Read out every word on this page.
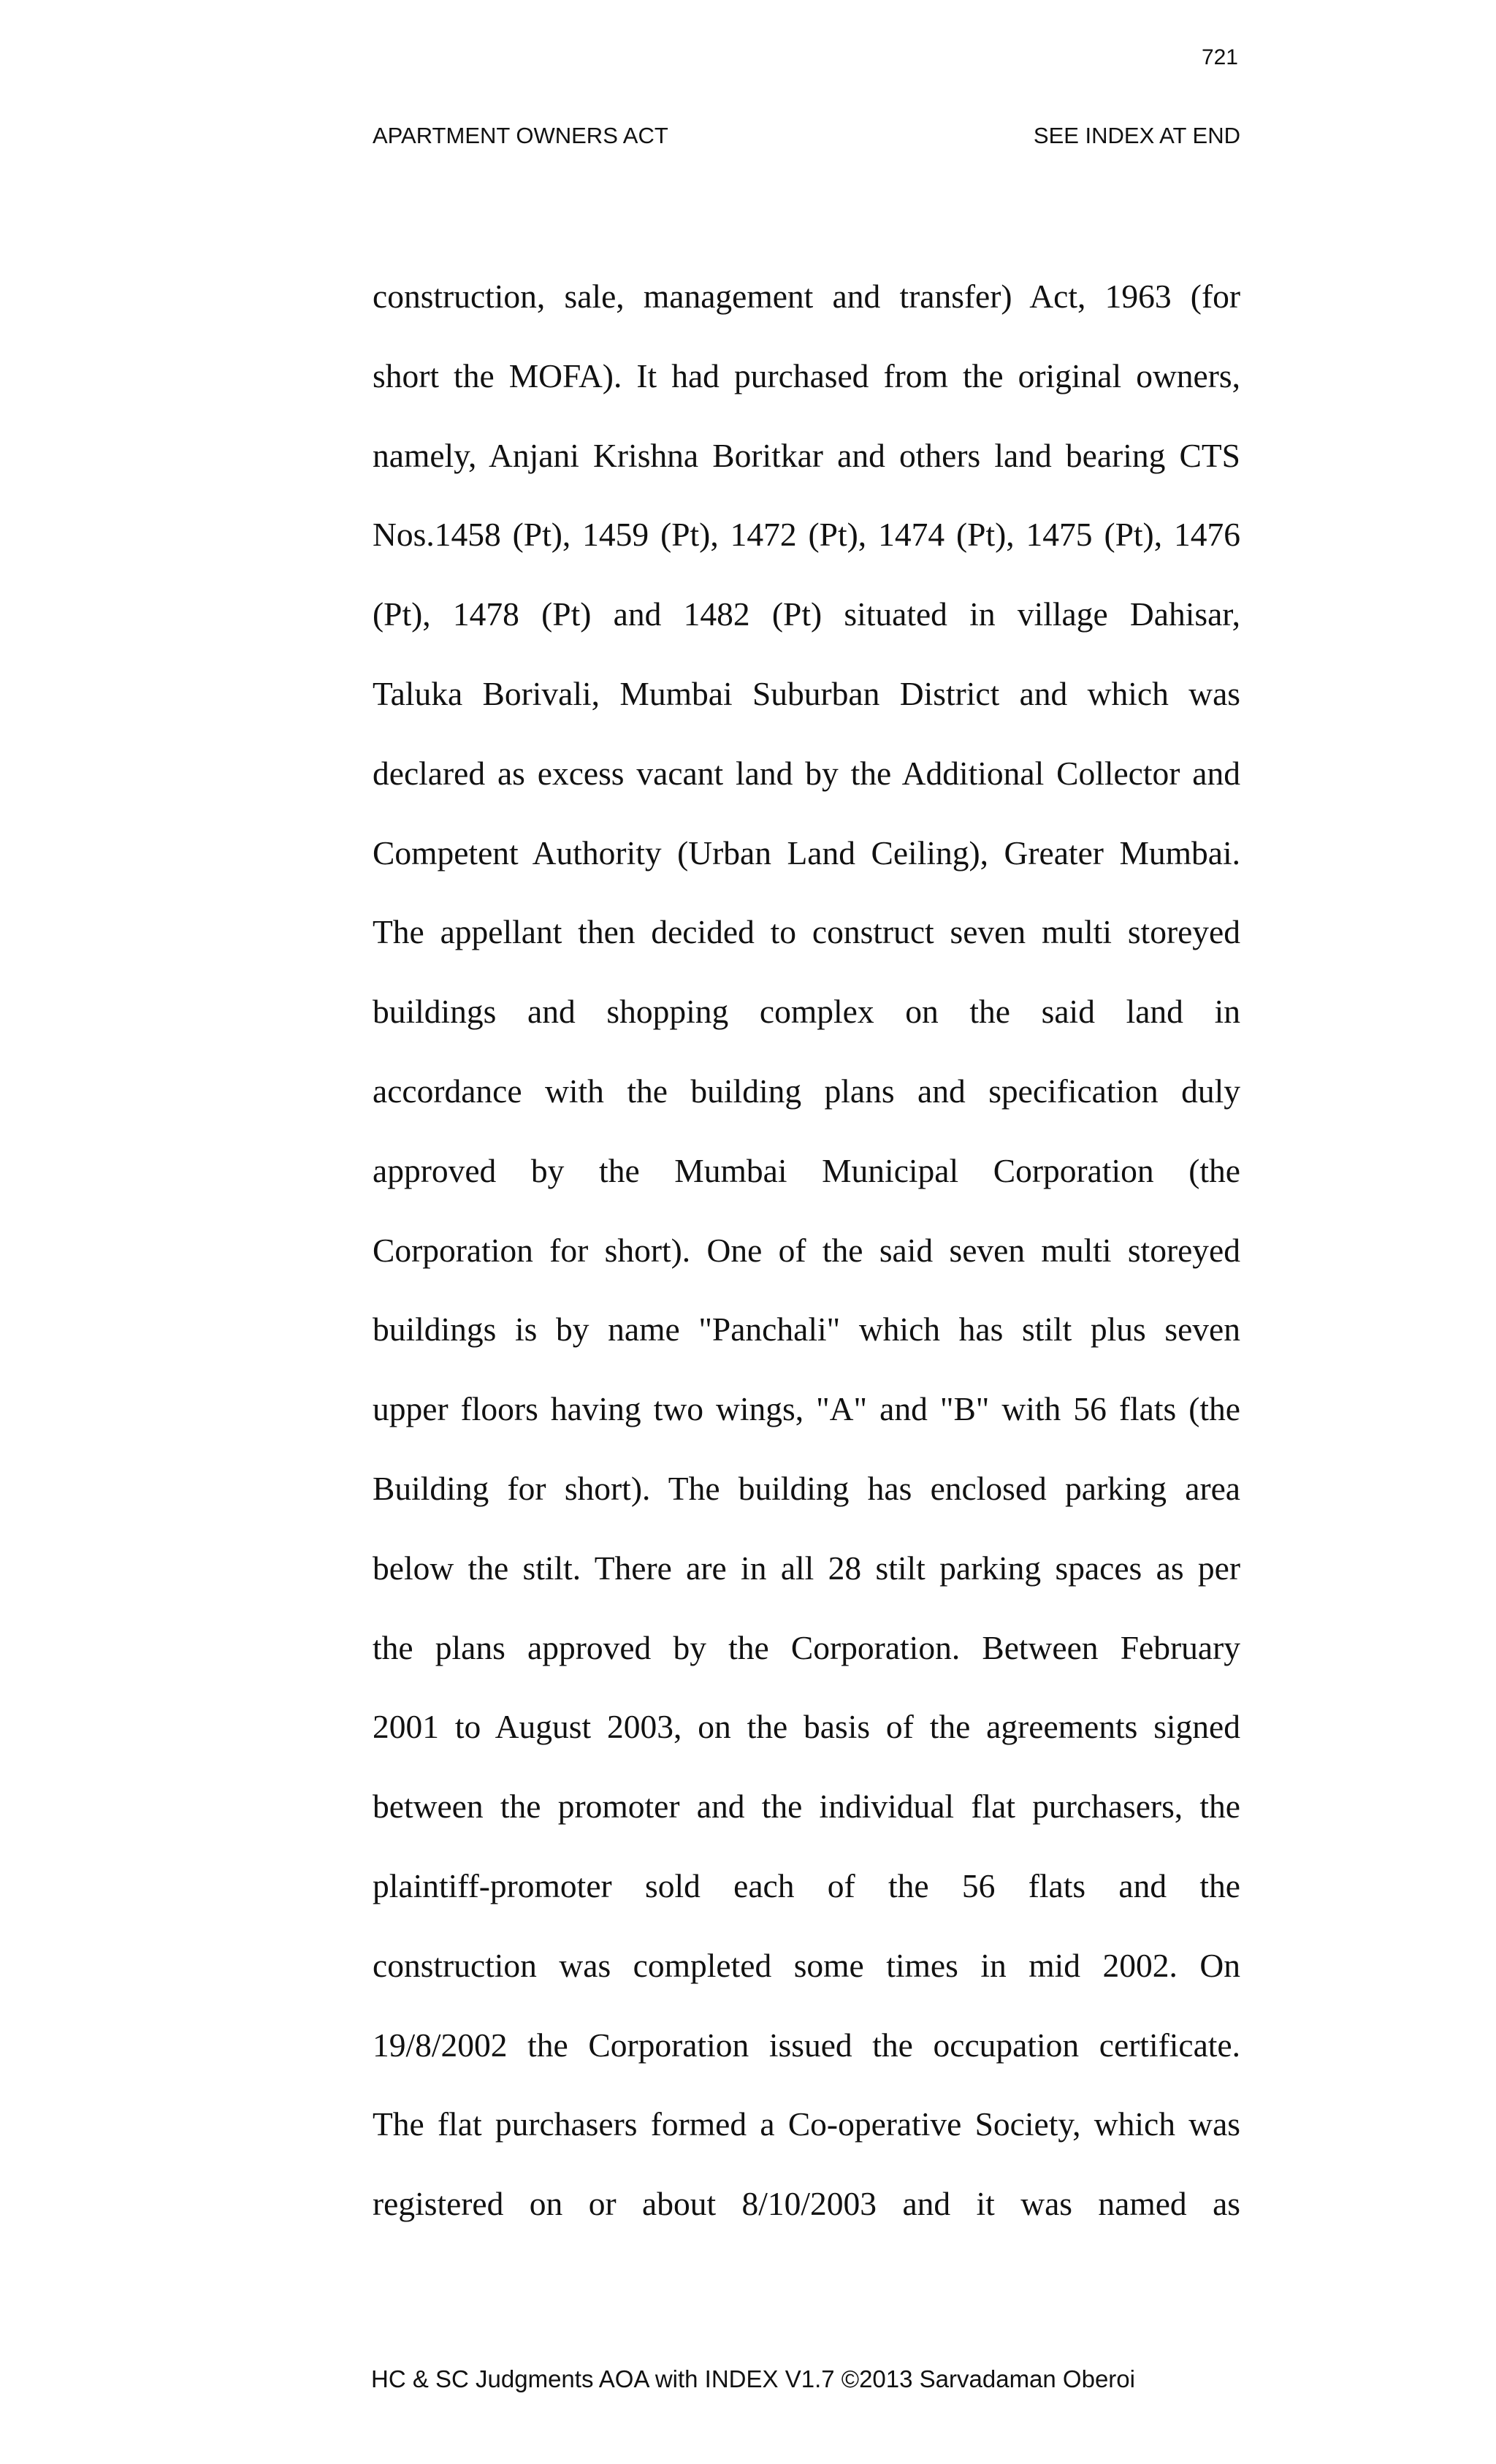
721
APARTMENT OWNERS ACT	SEE INDEX AT END
construction, sale, management and transfer) Act, 1963 (for
short the MOFA). It had purchased from the original owners,
namely, Anjani Krishna Boritkar and others land bearing CTS
Nos.1458 (Pt), 1459 (Pt), 1472 (Pt), 1474 (Pt), 1475 (Pt), 1476
(Pt), 1478 (Pt) and 1482 (Pt) situated in village Dahisar,
Taluka Borivali, Mumbai Suburban District and which was
declared as excess vacant land by the Additional Collector and
Competent Authority (Urban Land Ceiling), Greater Mumbai.
The appellant then decided to construct seven multi storeyed
buildings and shopping complex on the said land in
accordance with the building plans and specification duly
approved by the Mumbai Municipal Corporation (the
Corporation for short). One of the said seven multi storeyed
buildings is by name "Panchali" which has stilt plus seven
upper floors having two wings, "A" and "B" with 56 flats (the
Building for short). The building has enclosed parking area
below the stilt. There are in all 28 stilt parking spaces as per
the plans approved by the Corporation. Between February
2001 to August 2003, on the basis of the agreements signed
between the promoter and the individual flat purchasers, the
plaintiff-promoter sold each of the 56 flats and the
construction was completed some times in mid 2002. On
19/8/2002 the Corporation issued the occupation certificate.
The flat purchasers formed a Co-operative Society, which was
registered on or about 8/10/2003 and it was named as
HC & SC Judgments AOA with INDEX V1.7 ©2013 Sarvadaman Oberoi
